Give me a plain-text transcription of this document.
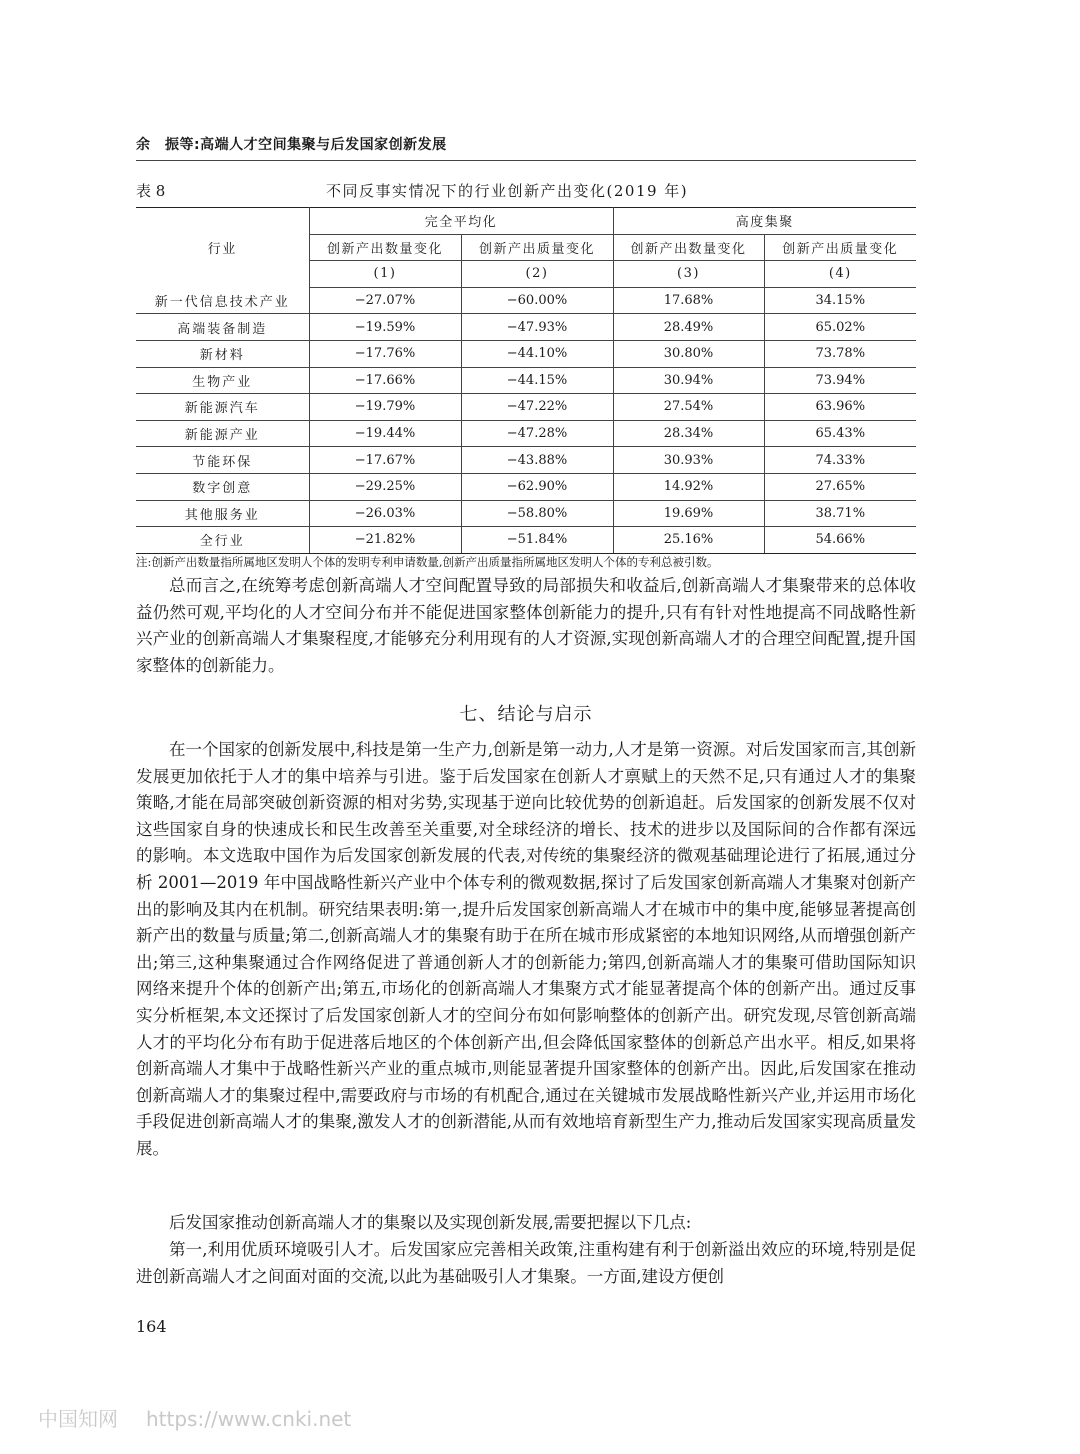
余　振等:高端人才空间集聚与后发国家创新发展
表 8	不同反事实情况下的行业创新产出变化(2019 年)
行业	完全平均化		高度集聚	
	创新产出数量变化	创新产出质量变化	创新产出数量变化	创新产出质量变化
	(1)	(2)	(3)	(4)
新一代信息技术产业	−27.07%	−60.00%	17.68%	34.15%
高端装备制造	−19.59%	−47.93%	28.49%	65.02%
新材料	−17.76%	−44.10%	30.80%	73.78%
生物产业	−17.66%	−44.15%	30.94%	73.94%
新能源汽车	−19.79%	−47.22%	27.54%	63.96%
新能源产业	−19.44%	−47.28%	28.34%	65.43%
节能环保	−17.67%	−43.88%	30.93%	74.33%
数字创意	−29.25%	−62.90%	14.92%	27.65%
其他服务业	−26.03%	−58.80%	19.69%	38.71%
全行业	−21.82%	−51.84%	25.16%	54.66%
注:创新产出数量指所属地区发明人个体的发明专利申请数量,创新产出质量指所属地区发明人个体的专利总被引数。

总而言之,在统筹考虑创新高端人才空间配置导致的局部损失和收益后,创新高端人才集聚带来的总体收益仍然可观,平均化的人才空间分布并不能促进国家整体创新能力的提升,只有有针对性地提高不同战略性新兴产业的创新高端人才集聚程度,才能够充分利用现有的人才资源,实现创新高端人才的合理空间配置,提升国家整体的创新能力。

七、结论与启示

在一个国家的创新发展中,科技是第一生产力,创新是第一动力,人才是第一资源。对后发国家而言,其创新发展更加依托于人才的集中培养与引进。鉴于后发国家在创新人才禀赋上的天然不足,只有通过人才的集聚策略,才能在局部突破创新资源的相对劣势,实现基于逆向比较优势的创新追赶。后发国家的创新发展不仅对这些国家自身的快速成长和民生改善至关重要,对全球经济的增长、技术的进步以及国际间的合作都有深远的影响。本文选取中国作为后发国家创新发展的代表,对传统的集聚经济的微观基础理论进行了拓展,通过分析 2001—2019 年中国战略性新兴产业中个体专利的微观数据,探讨了后发国家创新高端人才集聚对创新产出的影响及其内在机制。研究结果表明:第一,提升后发国家创新高端人才在城市中的集中度,能够显著提高创新产出的数量与质量;第二,创新高端人才的集聚有助于在所在城市形成紧密的本地知识网络,从而增强创新产出;第三,这种集聚通过合作网络促进了普通创新人才的创新能力;第四,创新高端人才的集聚可借助国际知识网络来提升个体的创新产出;第五,市场化的创新高端人才集聚方式才能显著提高个体的创新产出。通过反事实分析框架,本文还探讨了后发国家创新人才的空间分布如何影响整体的创新产出。研究发现,尽管创新高端人才的平均化分布有助于促进落后地区的个体创新产出,但会降低国家整体的创新总产出水平。相反,如果将创新高端人才集中于战略性新兴产业的重点城市,则能显著提升国家整体的创新产出。因此,后发国家在推动创新高端人才的集聚过程中,需要政府与市场的有机配合,通过在关键城市发展战略性新兴产业,并运用市场化手段促进创新高端人才的集聚,激发人才的创新潜能,从而有效地培育新型生产力,推动后发国家实现高质量发展。

后发国家推动创新高端人才的集聚以及实现创新发展,需要把握以下几点:

第一,利用优质环境吸引人才。后发国家应完善相关政策,注重构建有利于创新溢出效应的环境,特别是促进创新高端人才之间面对面的交流,以此为基础吸引人才集聚。一方面,建设方便创

164
中国知网 https://www.cnki.net
